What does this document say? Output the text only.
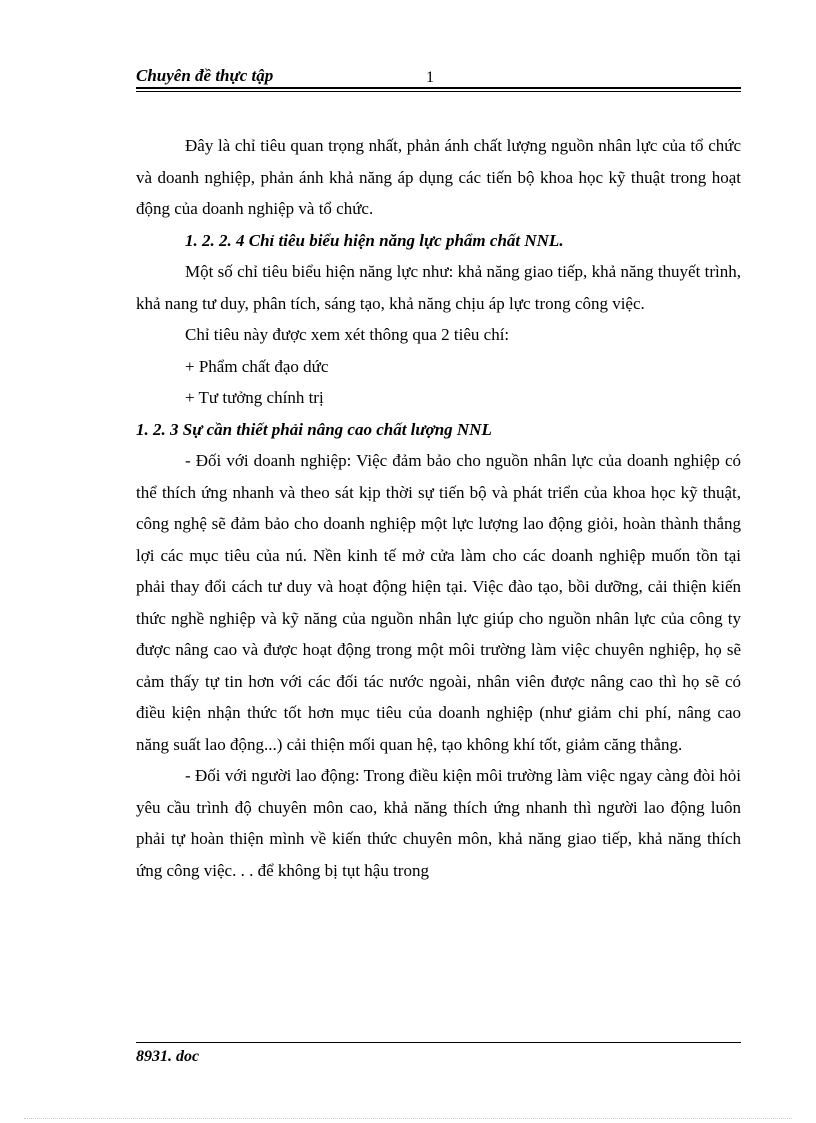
Chuyên đề thực tập	1

Đây là chỉ tiêu quan trọng nhất, phản ánh chất lượng nguồn nhân lực của tổ chức và doanh nghiệp, phản ánh khả năng áp dụng các tiến bộ khoa học kỹ thuật trong hoạt động của doanh nghiệp và tổ chức.

1. 2. 2. 4 Chỉ tiêu biểu hiện năng lực phẩm chất NNL.

Một số chỉ tiêu biểu hiện năng lực như: khả năng giao tiếp, khả năng thuyết trình, khả nang tư duy, phân tích, sáng tạo, khả năng chịu áp lực trong công việc.

Chỉ tiêu này được xem xét thông qua 2 tiêu chí:

+ Phẩm chất đạo dức

+ Tư tưởng chính trị

1. 2. 3 Sự cần thiết phải nâng cao chất lượng NNL

- Đối với doanh nghiệp: Việc đảm bảo cho nguồn nhân lực của doanh nghiệp có thể thích ứng nhanh và theo sát kịp thời sự tiến bộ và phát triển của khoa học kỹ thuật, công nghệ sẽ đảm bảo cho doanh nghiệp một lực lượng lao động giỏi, hoàn thành thắng lợi các mục tiêu của nú. Nền kinh tế mở cửa làm cho các doanh nghiệp muốn tồn tại phải thay đổi cách tư duy và hoạt động hiện tại. Việc đào tạo, bồi dưỡng, cải thiện kiến thức nghề nghiệp và kỹ năng của nguồn nhân lực giúp cho nguồn nhân lực của công ty được nâng cao và được hoạt động trong một môi trường làm việc chuyên nghiệp, họ sẽ cảm thấy tự tin hơn với các đối tác nước ngoài, nhân viên được nâng cao thì họ sẽ có điều kiện nhận thức tốt hơn mục tiêu của doanh nghiệp (như giảm chi phí, nâng cao năng suất lao động...) cải thiện mối quan hệ, tạo không khí tốt, giảm căng thẳng.

- Đối với người lao động: Trong điều kiện môi trường làm việc ngay càng đòi hỏi yêu cầu trình độ chuyên môn cao, khả năng thích ứng nhanh thì người lao động luôn phải tự hoàn thiện mình về kiến thức chuyên môn, khả năng giao tiếp, khả năng thích ứng công việc. . . để không bị tụt hậu trong

8931. doc
